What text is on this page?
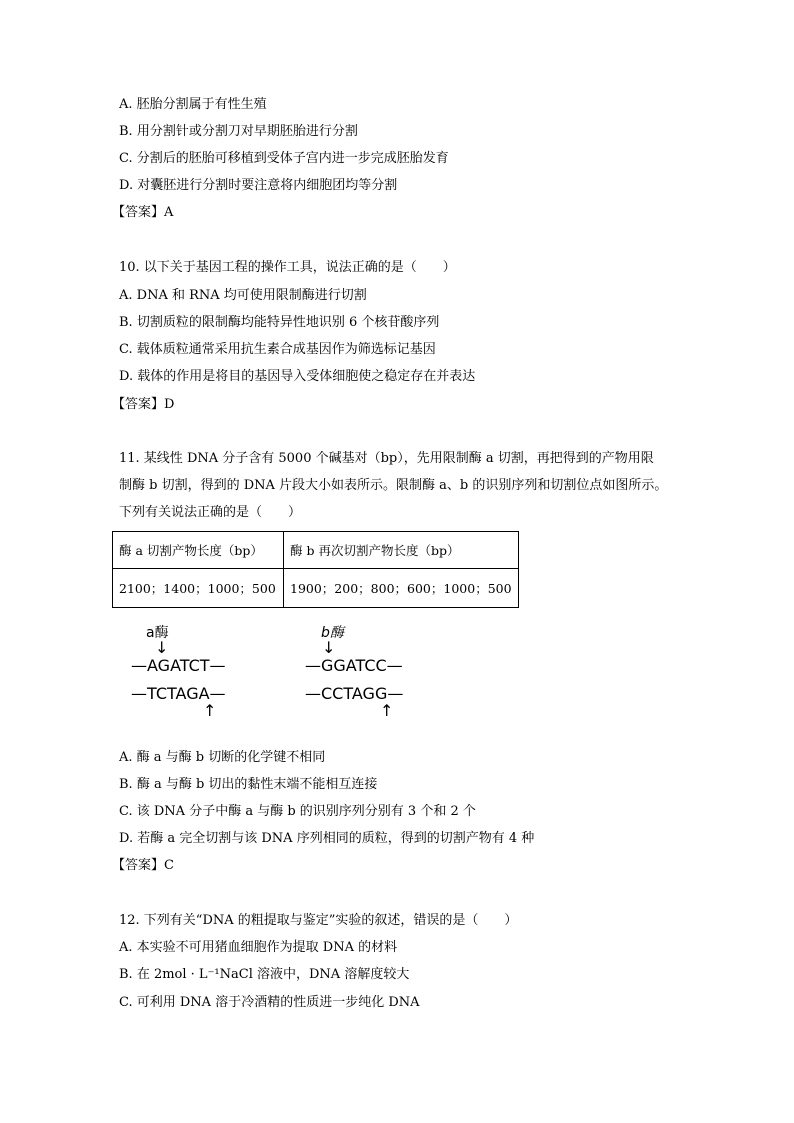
A. 胚胎分割属于有性生殖
B. 用分割针或分割刀对早期胚胎进行分割
C. 分割后的胚胎可移植到受体子宫内进一步完成胚胎发育
D. 对囊胚进行分割时要注意将内细胞团均等分割
【答案】A
10. 以下关于基因工程的操作工具，说法正确的是（　　）
A. DNA 和 RNA 均可使用限制酶进行切割
B. 切割质粒的限制酶均能特异性地识别 6 个核苷酸序列
C. 载体质粒通常采用抗生素合成基因作为筛选标记基因
D. 载体的作用是将目的基因导入受体细胞使之稳定存在并表达
【答案】D
11. 某线性 DNA 分子含有 5000 个碱基对（bp），先用限制酶 a 切割，再把得到的产物用限
制酶 b 切割，得到的 DNA 片段大小如表所示。限制酶 a、b 的识别序列和切割位点如图所示。
下列有关说法正确的是（　　）
酶 a 切割产物长度（bp）	酶 b 再次切割产物长度（bp）
2100；1400；1000；500	1900；200；800；600；1000；500
a酶
↓
—AGATCT—
—TCTAGA—
↑
b酶
↓
—GGATCC—
—CCTAGG—
↑
A. 酶 a 与酶 b 切断的化学键不相同
B. 酶 a 与酶 b 切出的黏性末端不能相互连接
C. 该 DNA 分子中酶 a 与酶 b 的识别序列分别有 3 个和 2 个
D. 若酶 a 完全切割与该 DNA 序列相同的质粒，得到的切割产物有 4 种
【答案】C
12. 下列有关“DNA 的粗提取与鉴定”实验的叙述，错误的是（　　）
A. 本实验不可用猪血细胞作为提取 DNA 的材料
B. 在 2mol · L⁻¹NaCl 溶液中，DNA 溶解度较大
C. 可利用 DNA 溶于冷酒精的性质进一步纯化 DNA
